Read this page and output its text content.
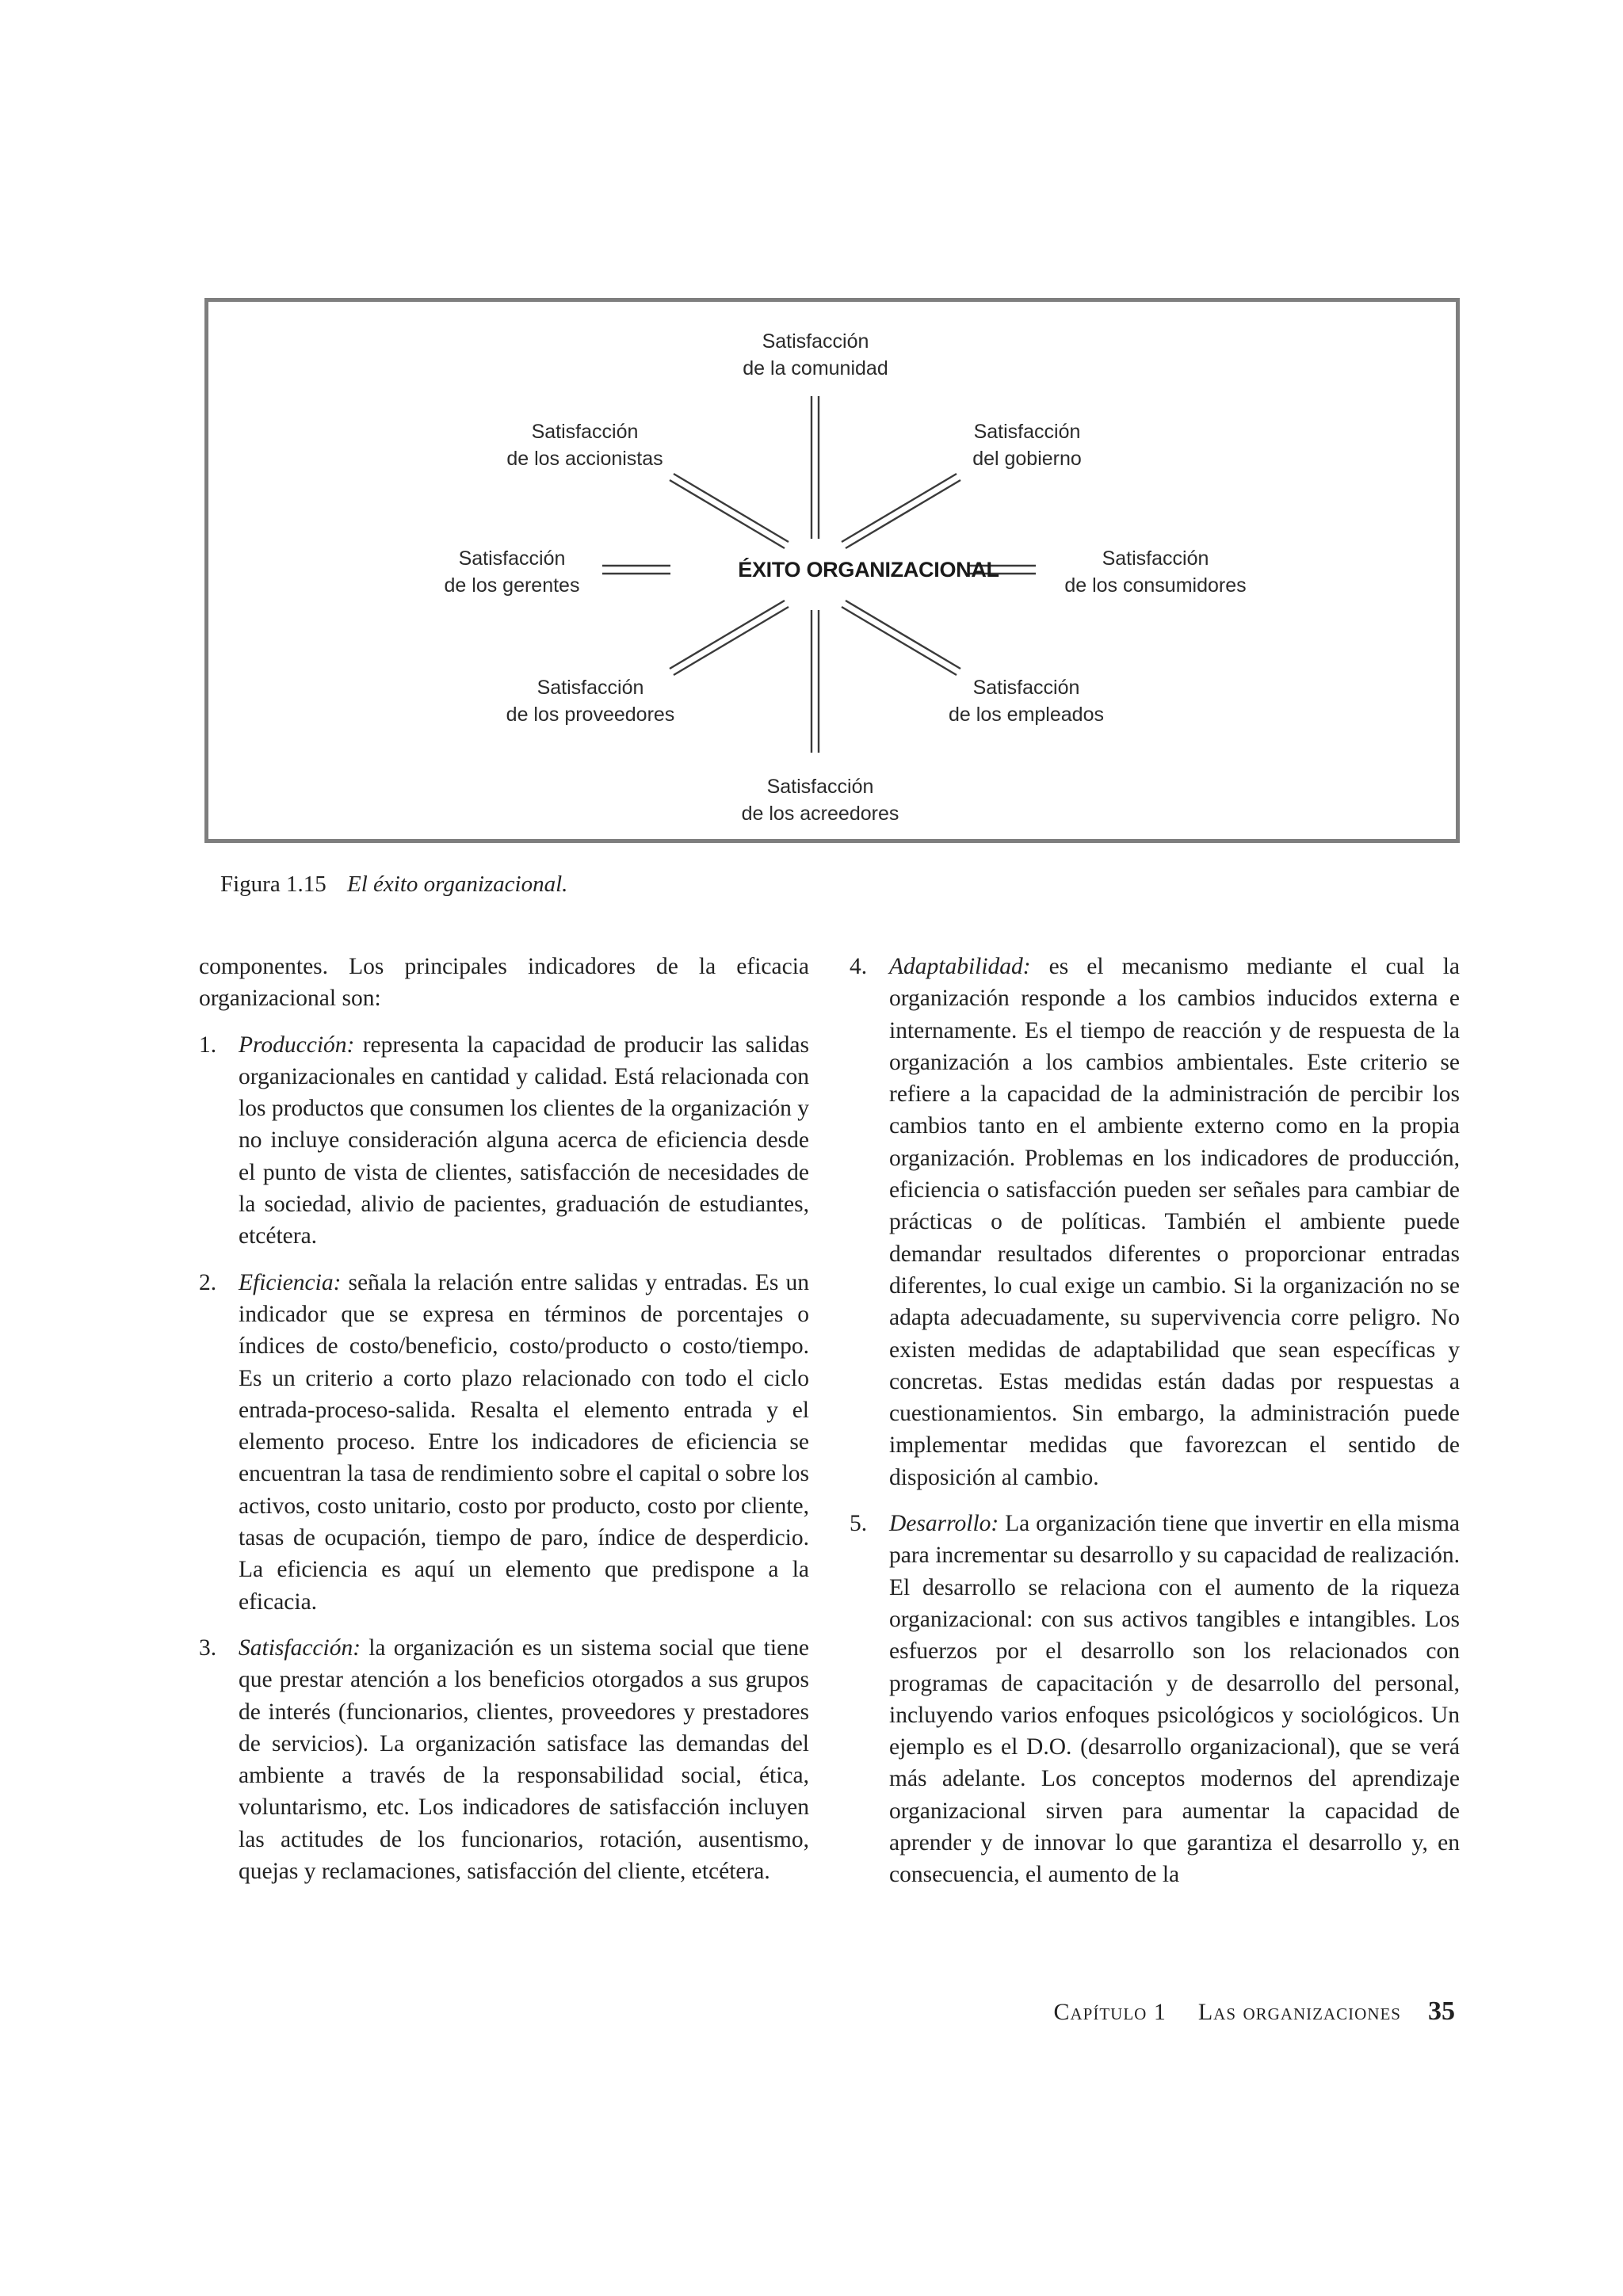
Satisfacción
de la comunidad
Satisfacción
de los accionistas
Satisfacción
del gobierno
Satisfacción
de los gerentes
Satisfacción
de los consumidores
Satisfacción
de los proveedores
Satisfacción
de los empleados
Satisfacción
de los acreedores
ÉXITO ORGANIZACIONAL
Figura 1.15 El éxito organizacional.

componentes. Los principales indicadores de la eficacia organizacional son:

1. Producción: representa la capacidad de producir las salidas organizacionales en cantidad y calidad. Está relacionada con los productos que consumen los clientes de la organización y no incluye consideración alguna acerca de eficiencia desde el punto de vista de clientes, satisfacción de necesidades de la sociedad, alivio de pacientes, graduación de estudiantes, etcétera.
2. Eficiencia: señala la relación entre salidas y entradas. Es un indicador que se expresa en términos de porcentajes o índices de costo/beneficio, costo/producto o costo/tiempo. Es un criterio a corto plazo relacionado con todo el ciclo entrada-proceso-salida. Resalta el elemento entrada y el elemento proceso. Entre los indicadores de eficiencia se encuentran la tasa de rendimiento sobre el capital o sobre los activos, costo unitario, costo por producto, costo por cliente, tasas de ocupación, tiempo de paro, índice de desperdicio. La eficiencia es aquí un elemento que predispone a la eficacia.
3. Satisfacción: la organización es un sistema social que tiene que prestar atención a los beneficios otorgados a sus grupos de interés (funcionarios, clientes, proveedores y prestadores de servicios). La organización satisface las demandas del ambiente a través de la responsabilidad social, ética, voluntarismo, etc. Los indicadores de satisfacción incluyen las actitudes de los funcionarios, rotación, ausentismo, quejas y reclamaciones, satisfacción del cliente, etcétera.
4. Adaptabilidad: es el mecanismo mediante el cual la organización responde a los cambios inducidos externa e internamente. Es el tiempo de reacción y de respuesta de la organización a los cambios ambientales. Este criterio se refiere a la capacidad de la administración de percibir los cambios tanto en el ambiente externo como en la propia organización. Problemas en los indicadores de producción, eficiencia o satisfacción pueden ser señales para cambiar de prácticas o de políticas. También el ambiente puede demandar resultados diferentes o proporcionar entradas diferentes, lo cual exige un cambio. Si la organización no se adapta adecuadamente, su supervivencia corre peligro. No existen medidas de adaptabilidad que sean específicas y concretas. Estas medidas están dadas por respuestas a cuestionamientos. Sin embargo, la administración puede implementar medidas que favorezcan el sentido de disposición al cambio.
5. Desarrollo: La organización tiene que invertir en ella misma para incrementar su desarrollo y su capacidad de realización. El desarrollo se relaciona con el aumento de la riqueza organizacional: con sus activos tangibles e intangibles. Los esfuerzos por el desarrollo son los relacionados con programas de capacitación y de desarrollo del personal, incluyendo varios enfoques psicológicos y sociológicos. Un ejemplo es el D.O. (desarrollo organizacional), que se verá más adelante. Los conceptos modernos del aprendizaje organizacional sirven para aumentar la capacidad de aprender y de innovar lo que garantiza el desarrollo y, en consecuencia, el aumento de la
Capítulo 1 Las organizaciones 35
